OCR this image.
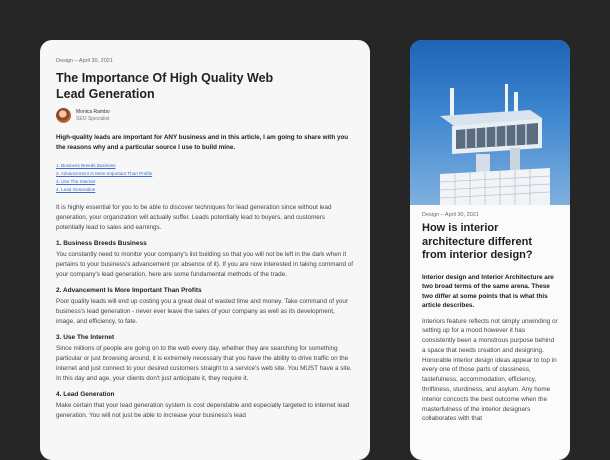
Design – April 30, 2021
The Importance Of High Quality Web Lead Generation
Monica Rambo
SEO Specialist
High-quality leads are important for ANY business and in this article, I am going to share with you the reasons why and a particular source I use to build mine.
1. Business Breeds Business
2. Advancement Is More Important Than Profits
3. Use The Internet
4. Lead Generation
It is highly essential for you to be able to discover techniques for lead generation since without lead generation, your organization will actually suffer. Leads potentially lead to buyers, and customers potentially lead to sales and earnings.
1. Business Breeds Business
You constantly need to monitor your company's list building so that you will not be left in the dark when it pertains to your business's advancement (or absence of it). If you are now interested in taking command of your company's lead generation, here are some fundamental methods of the trade.
2. Advancement Is More Important Than Profits
Poor quality leads will end up costing you a great deal of wasted time and money. Take command of your business's lead generation - never ever leave the sales of your company as well as its development, image, and efficiency, to fate.
3. Use The Internet
Since millions of people are going on to the web every day, whether they are searching for something particular or just browsing around, it is extremely necessary that you have the ability to drive traffic on the internet and just connect to your desired customers straight to a service's web site. You MUST have a site. In this day and age, your clients don't just anticipate it, they require it.
4. Lead Generation
Make certain that your lead generation system is cost dependable and especially targeted to internet lead generation. You will not just be able to increase your business's lead
Design – April 30, 2021
How is interior architecture different from interior design?
Interior design and Interior Architecture are two broad terms of the same arena. These two differ at some points that is what this article describes.
Interiors feature reflects not simply unwinding or setting up for a mood however it has consistently been a monstrous purpose behind a space that needs creation and designing. Honorable interior design ideas appear to top in every one of those parts of classiness, tastefulness, accommodation, efficiency, thriftiness, sturdiness, and asylum. Any home interior concocts the best outcome when the masterfulness of the interior designers collaborates with that
